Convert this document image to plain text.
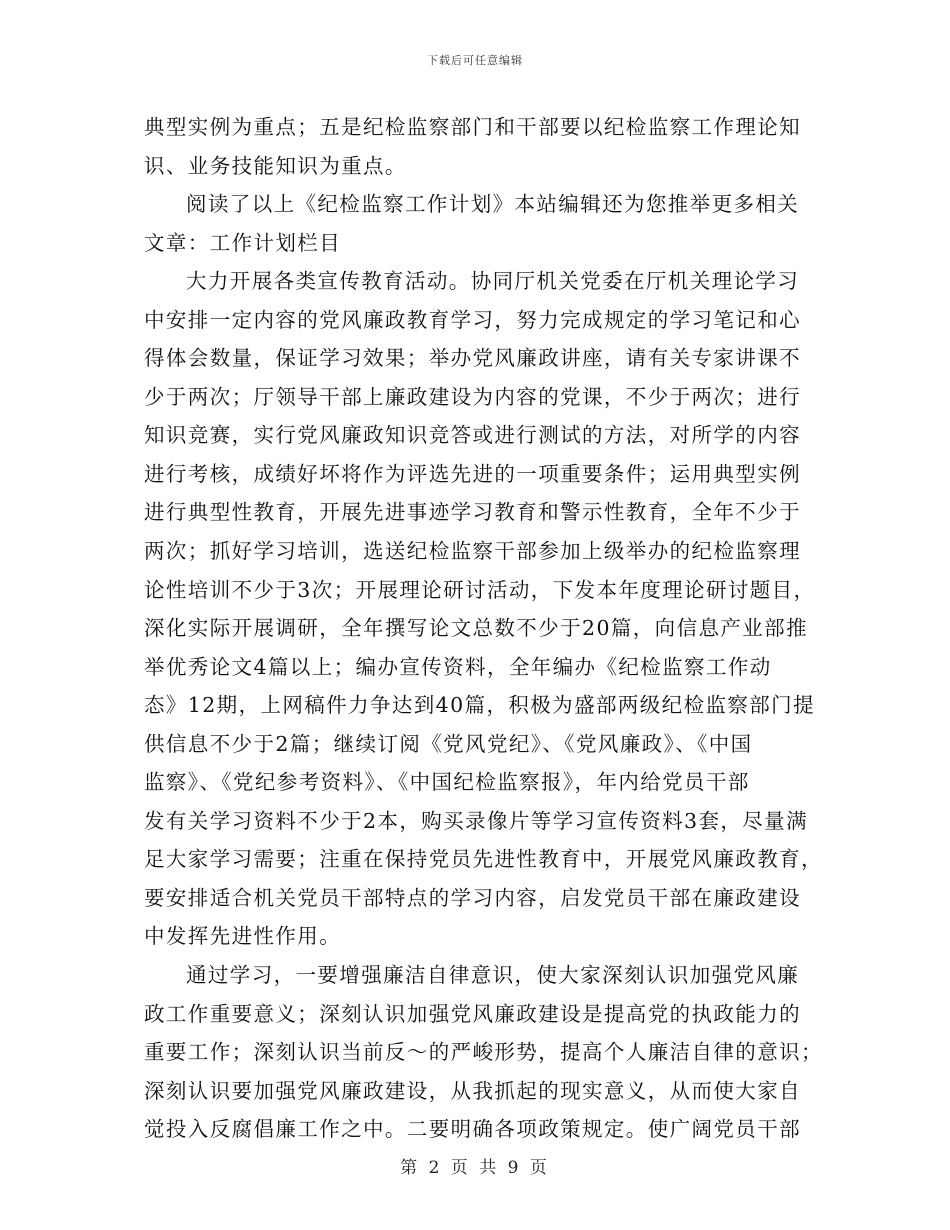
下载后可任意编辑
典型实例为重点；五是纪检监察部门和干部要以纪检监察工作理论知
识、业务技能知识为重点。
阅读了以上《纪检监察工作计划》本站编辑还为您推举更多相关
文章：工作计划栏目
大力开展各类宣传教育活动。协同厅机关党委在厅机关理论学习
中安排一定内容的党风廉政教育学习，努力完成规定的学习笔记和心
得体会数量，保证学习效果；举办党风廉政讲座，请有关专家讲课不
少于两次；厅领导干部上廉政建设为内容的党课，不少于两次；进行
知识竞赛，实行党风廉政知识竞答或进行测试的方法，对所学的内容
进行考核，成绩好坏将作为评选先进的一项重要条件；运用典型实例
进行典型性教育，开展先进事迹学习教育和警示性教育，全年不少于
两次；抓好学习培训，选送纪检监察干部参加上级举办的纪检监察理
论性培训不少于3次；开展理论研讨活动，下发本年度理论研讨题目，
深化实际开展调研，全年撰写论文总数不少于20篇，向信息产业部推
举优秀论文4篇以上；编办宣传资料，全年编办《纪检监察工作动
态》12期，上网稿件力争达到40篇，积极为盛部两级纪检监察部门提
供信息不少于2篇；继续订阅《党风党纪》、《党风廉政》、《中国
监察》、《党纪参考资料》、《中国纪检监察报》，年内给党员干部
发有关学习资料不少于2本，购买录像片等学习宣传资料3套，尽量满
足大家学习需要；注重在保持党员先进性教育中，开展党风廉政教育，
要安排适合机关党员干部特点的学习内容，启发党员干部在廉政建设
中发挥先进性作用。
通过学习，一要增强廉洁自律意识，使大家深刻认识加强党风廉
政工作重要意义；深刻认识加强党风廉政建设是提高党的执政能力的
重要工作；深刻认识当前反～的严峻形势，提高个人廉洁自律的意识；
深刻认识要加强党风廉政建设，从我抓起的现实意义，从而使大家自
觉投入反腐倡廉工作之中。二要明确各项政策规定。使广阔党员干部
第 2 页 共 9 页
